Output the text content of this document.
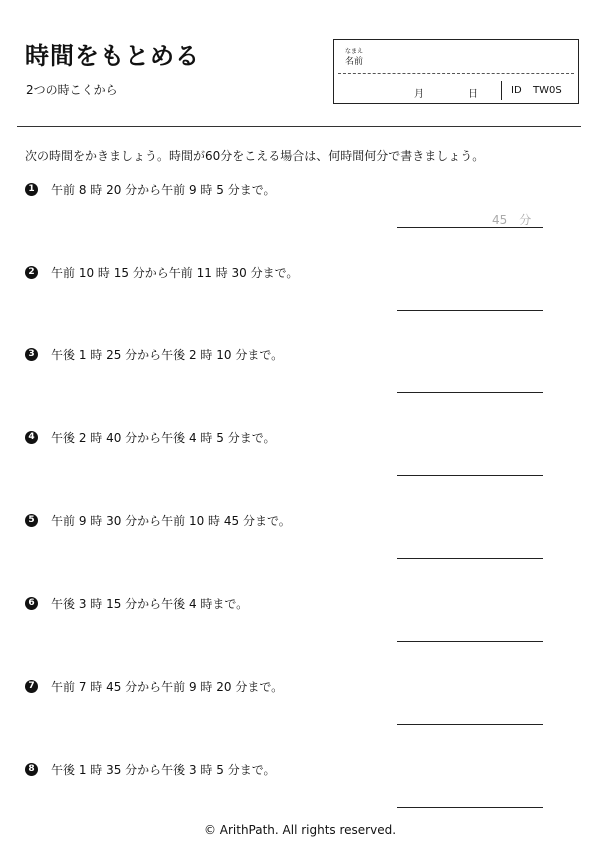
時間をもとめる
2つの時こくから
なまえ
名前
月	日	ID TW0S
次の時間をかきましょう。時間が60分をこえる場合は、何時間何分で書きましょう。
1 午前 8 時 20 分から午前 9 時 5 分まで。
45　分
2 午前 10 時 15 分から午前 11 時 30 分まで。
3 午後 1 時 25 分から午後 2 時 10 分まで。
4 午後 2 時 40 分から午後 4 時 5 分まで。
5 午前 9 時 30 分から午前 10 時 45 分まで。
6 午後 3 時 15 分から午後 4 時まで。
7 午前 7 時 45 分から午前 9 時 20 分まで。
8 午後 1 時 35 分から午後 3 時 5 分まで。
© ArithPath. All rights reserved.
